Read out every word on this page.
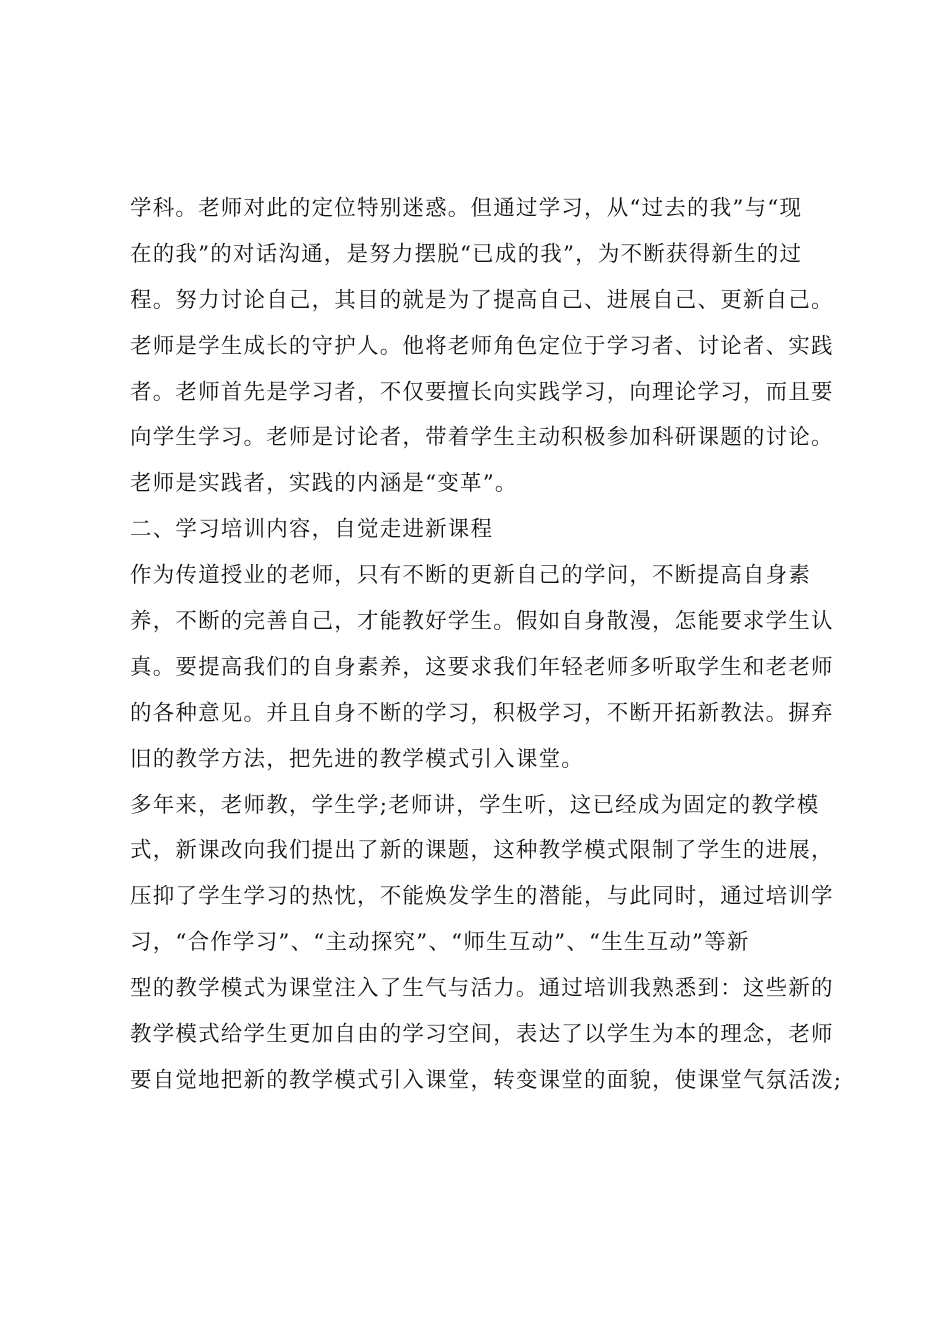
学科。老师对此的定位特别迷惑。但通过学习，从“过去的我”与“现
在的我”的对话沟通，是努力摆脱“已成的我”，为不断获得新生的过
程。努力讨论自己，其目的就是为了提高自己、进展自己、更新自己。
老师是学生成长的守护人。他将老师角色定位于学习者、讨论者、实践
者。老师首先是学习者，不仅要擅长向实践学习，向理论学习，而且要
向学生学习。老师是讨论者，带着学生主动积极参加科研课题的讨论。
老师是实践者，实践的内涵是“变革”。
二、学习培训内容，自觉走进新课程
作为传道授业的老师，只有不断的更新自己的学问，不断提高自身素
养，不断的完善自己，才能教好学生。假如自身散漫，怎能要求学生认
真。要提高我们的自身素养，这要求我们年轻老师多听取学生和老老师
的各种意见。并且自身不断的学习，积极学习，不断开拓新教法。摒弃
旧的教学方法，把先进的教学模式引入课堂。
多年来，老师教，学生学;老师讲，学生听，这已经成为固定的教学模
式，新课改向我们提出了新的课题，这种教学模式限制了学生的进展，
压抑了学生学习的热忱，不能焕发学生的潜能，与此同时，通过培训学
习，“合作学习”、“主动探究”、“师生互动”、“生生互动”等新
型的教学模式为课堂注入了生气与活力。通过培训我熟悉到：这些新的
教学模式给学生更加自由的学习空间，表达了以学生为本的理念，老师
要自觉地把新的教学模式引入课堂，转变课堂的面貌，使课堂气氛活泼;
